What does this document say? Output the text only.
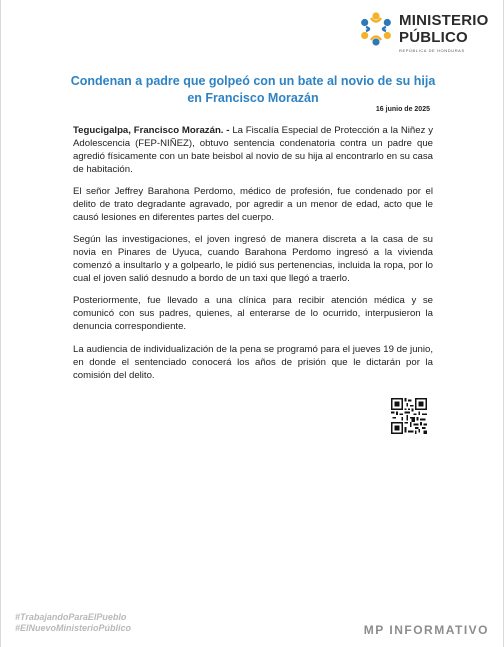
MINISTERIO
PÚBLICO
REPÚBLICA DE HONDURAS
Condenan a padre que golpeó con un bate al novio de su hija en Francisco Morazán
16 junio de 2025

Tegucigalpa, Francisco Morazán. - La Fiscalía Especial de Protección a la Niñez y Adolescencia (FEP-NIÑEZ), obtuvo sentencia condenatoria contra un padre que agredió físicamente con un bate beisbol al novio de su hija al encontrarlo en su casa de habitación.

El señor Jeffrey Barahona Perdomo, médico de profesión, fue condenado por el delito de trato degradante agravado, por agredir a un menor de edad, acto que le causó lesiones en diferentes partes del cuerpo.

Según las investigaciones, el joven ingresó de manera discreta a la casa de su novia en Pinares de Uyuca, cuando Barahona Perdomo ingresó a la vivienda comenzó a insultarlo y a golpearlo, le pidió sus pertenencias, incluida la ropa, por lo cual el joven salió desnudo a bordo de un taxi que llegó a traerlo.

Posteriormente, fue llevado a una clínica para recibir atención médica y se comunicó con sus padres, quienes, al enterarse de lo ocurrido, interpusieron la denuncia correspondiente.

La audiencia de individualización de la pena se programó para el jueves 19 de junio, en donde el sentenciado conocerá los años de prisión que le dictarán por la comisión del delito.

#TrabajandoParaElPueblo
#ElNuevoMinisterioPúblico	MP INFORMATIVO
